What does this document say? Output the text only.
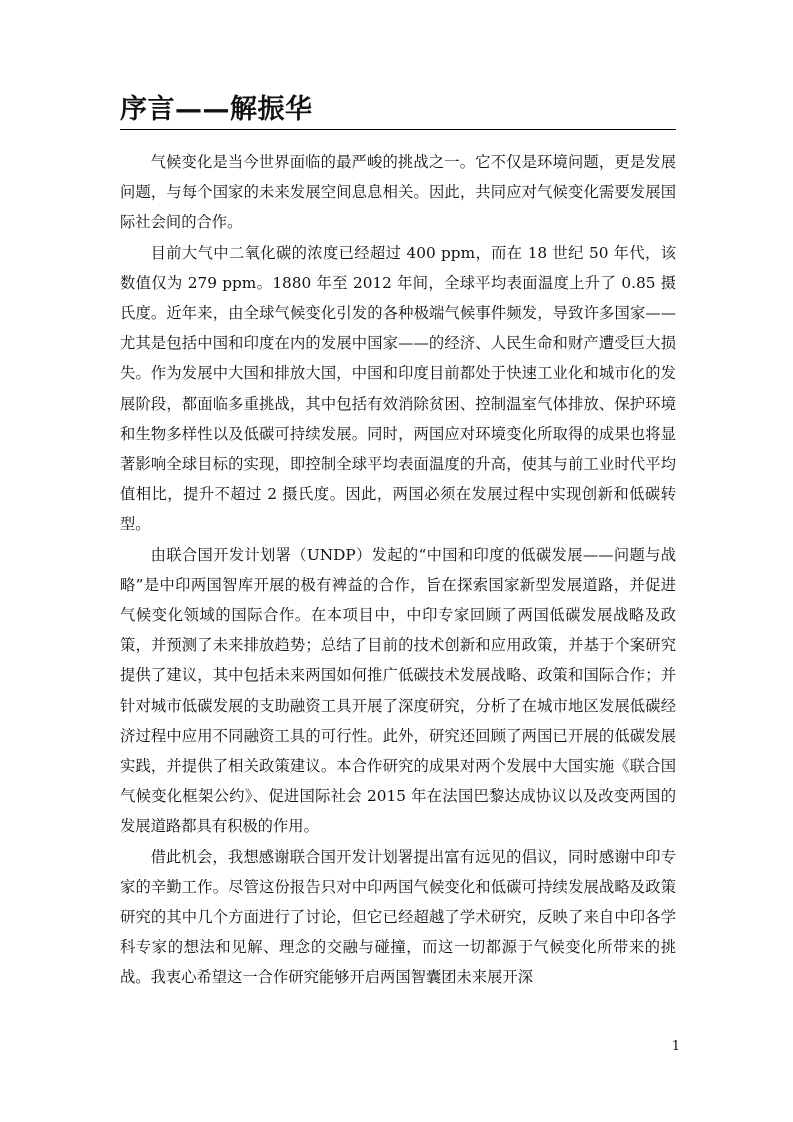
序言——解振华

气候变化是当今世界面临的最严峻的挑战之一。它不仅是环境问题，更是发展问题，与每个国家的未来发展空间息息相关。因此，共同应对气候变化需要发展国际社会间的合作。

目前大气中二氧化碳的浓度已经超过 400 ppm，而在 18 世纪 50 年代，该数值仅为 279 ppm。1880 年至 2012 年间，全球平均表面温度上升了 0.85 摄氏度。近年来，由全球气候变化引发的各种极端气候事件频发，导致许多国家——尤其是包括中国和印度在内的发展中国家——的经济、人民生命和财产遭受巨大损失。作为发展中大国和排放大国，中国和印度目前都处于快速工业化和城市化的发展阶段，都面临多重挑战，其中包括有效消除贫困、控制温室气体排放、保护环境和生物多样性以及低碳可持续发展。同时，两国应对环境变化所取得的成果也将显著影响全球目标的实现，即控制全球平均表面温度的升高，使其与前工业时代平均值相比，提升不超过 2 摄氏度。因此，两国必须在发展过程中实现创新和低碳转型。

由联合国开发计划署（UNDP）发起的“中国和印度的低碳发展——问题与战略”是中印两国智库开展的极有裨益的合作，旨在探索国家新型发展道路，并促进气候变化领域的国际合作。在本项目中，中印专家回顾了两国低碳发展战略及政策，并预测了未来排放趋势；总结了目前的技术创新和应用政策，并基于个案研究提供了建议，其中包括未来两国如何推广低碳技术发展战略、政策和国际合作；并针对城市低碳发展的支助融资工具开展了深度研究，分析了在城市地区发展低碳经济过程中应用不同融资工具的可行性。此外，研究还回顾了两国已开展的低碳发展实践，并提供了相关政策建议。本合作研究的成果对两个发展中大国实施《联合国气候变化框架公约》、促进国际社会 2015 年在法国巴黎达成协议以及改变两国的发展道路都具有积极的作用。

借此机会，我想感谢联合国开发计划署提出富有远见的倡议，同时感谢中印专家的辛勤工作。尽管这份报告只对中印两国气候变化和低碳可持续发展战略及政策研究的其中几个方面进行了讨论，但它已经超越了学术研究，反映了来自中印各学科专家的想法和见解、理念的交融与碰撞，而这一切都源于气候变化所带来的挑战。我衷心希望这一合作研究能够开启两国智囊团未来展开深

1
